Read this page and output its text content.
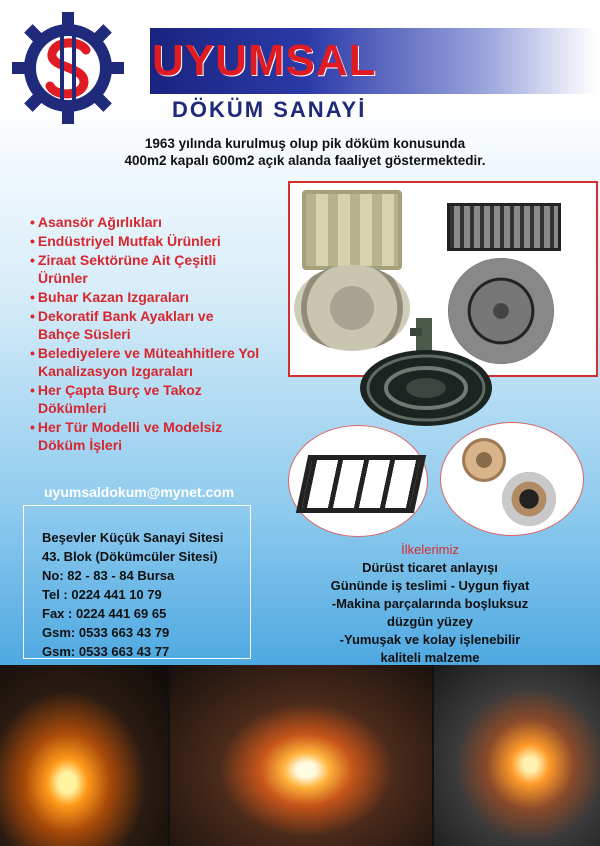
UYUMSAL
DÖKÜM SANAYİ
1963 yılında kurulmuş olup pik döküm konusunda
400m2 kapalı 600m2 açık alanda faaliyet göstermektedir.
• Asansör Ağırlıkları
• Endüstriyel Mutfak Ürünleri
• Ziraat Sektörüne Ait Çeşitli
Ürünler
• Buhar Kazan Izgaraları
• Dekoratif Bank Ayakları ve
Bahçe Süsleri
• Belediyelere ve Müteahhitlere Yol
Kanalizasyon Izgaraları
• Her Çapta Burç ve Takoz
Dökümleri
• Her Tür Modelli ve Modelsiz
Döküm İşleri
uyumsaldokum@mynet.com
Beşevler Küçük Sanayi Sitesi
43. Blok (Dökümcüler Sitesi)
No: 82 - 83 - 84 Bursa
Tel : 0224 441 10 79
Fax : 0224 441 69 65
Gsm: 0533 663 43 79
Gsm: 0533 663 43 77
İlkelerimiz
Dürüst ticaret anlayışı
Gününde iş teslimi - Uygun fiyat
-Makina parçalarında boşluksuz
düzgün yüzey
-Yumuşak ve kolay işlenebilir
kaliteli malzeme
